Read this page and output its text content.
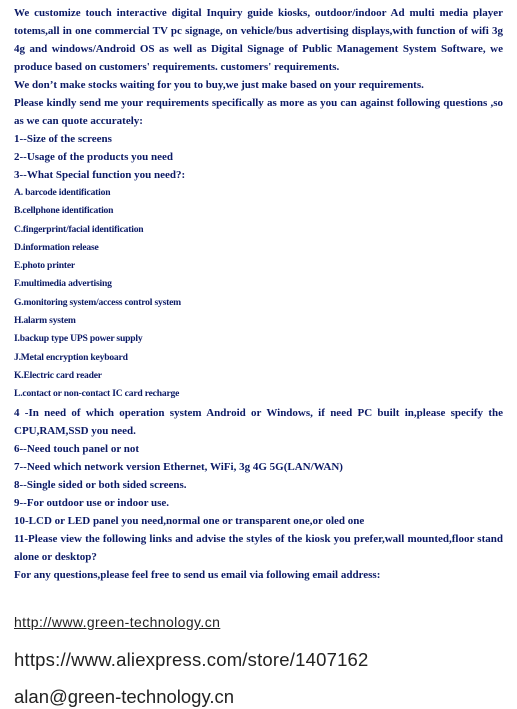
We customize touch interactive digital Inquiry guide kiosks, outdoor/indoor Ad multi media player totems,all in one commercial TV pc signage, on vehicle/bus advertising displays,with function of wifi 3g 4g and windows/Android OS as well as Digital Signage of Public Management System Software, we produce based on customers' requirements. customers' requirements.

We don’t make stocks waiting for you to buy,we just make based on your requirements.

Please kindly send me your requirements specifically as more as you can against following questions ,so as we can quote accurately:

1--Size of the screens

2--Usage of the products you need

3--What Special function you need?:

A. barcode identification

B.cellphone identification

C.fingerprint/facial identification

D.information release

E.photo printer

F.multimedia advertising

G.monitoring system/access control system

H.alarm system

I.backup type UPS power supply

J.Metal encryption keyboard

K.Electric card reader

L.contact or non-contact IC card recharge

4 -In need of which operation system Android or Windows, if need PC built in,please specify the CPU,RAM,SSD you need.

6--Need touch panel or not

7--Need which network version Ethernet, WiFi, 3g 4G 5G(LAN/WAN)

8--Single sided or both sided screens.

9--For outdoor use or indoor use.

10-LCD or LED panel you need,normal one or transparent one,or oled one

11-Please view the following links and advise the styles of the kiosk you prefer,wall mounted,floor stand alone or desktop?

For any questions,please feel free to send us email via following email address:

http://www.green-technology.cn
https://www.aliexpress.com/store/1407162
alan@green-technology.cn
